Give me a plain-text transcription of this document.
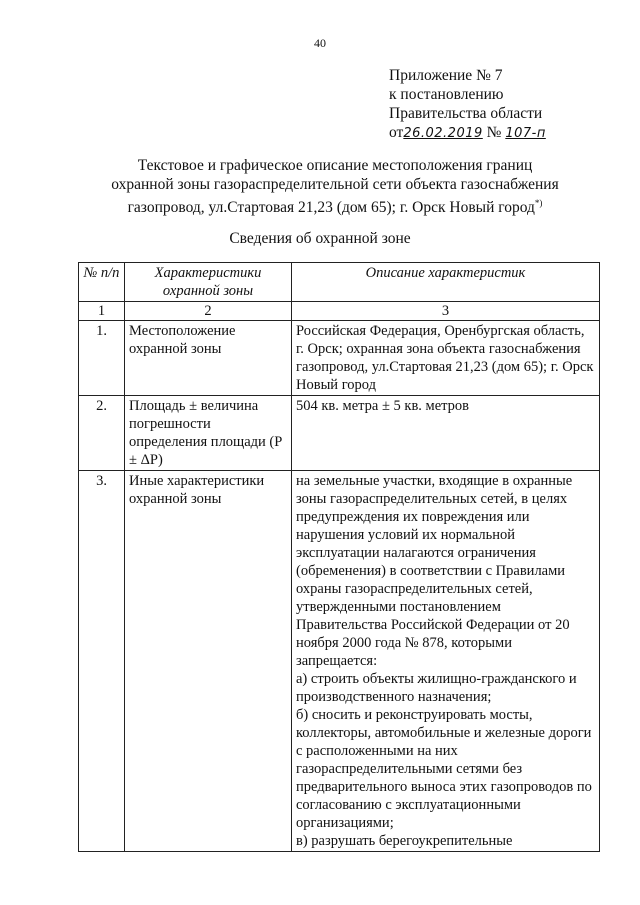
40
Приложение № 7
к постановлению
Правительства области
от26.02.2019 № 107-п
Текстовое и графическое описание местоположения границ
охранной зоны газораспределительной сети объекта газоснабжения
газопровод, ул.Стартовая 21,23 (дом 65); г. Орск Новый город*)
Сведения об охранной зоне
№ п/п	Характеристики охранной зоны	Описание характеристик
1	2	3
1.	Местоположение охранной зоны	Российская Федерация, Оренбургская область, г. Орск; охранная зона объекта газоснабжения газопровод, ул.Стартовая 21,23 (дом 65); г. Орск Новый город
2.	Площадь ± величина погрешности определения площади (P ± ΔP)	504 кв. метра ± 5 кв. метров
3.	Иные характеристики охранной зоны	на земельные участки, входящие в охранные зоны газораспределительных сетей, в целях предупреждения их повреждения или нарушения условий их нормальной эксплуатации налагаются ограничения (обременения) в соответствии с Правилами охраны газораспределительных сетей, утвержденными постановлением Правительства Российской Федерации от 20 ноября 2000 года № 878, которыми запрещается:
а) строить объекты жилищно-гражданского и производственного назначения;
б) сносить и реконструировать мосты, коллекторы, автомобильные и железные дороги с расположенными на них газораспределительными сетями без предварительного выноса этих газопроводов по согласованию с эксплуатационными организациями;
в) разрушать берегоукрепительные
